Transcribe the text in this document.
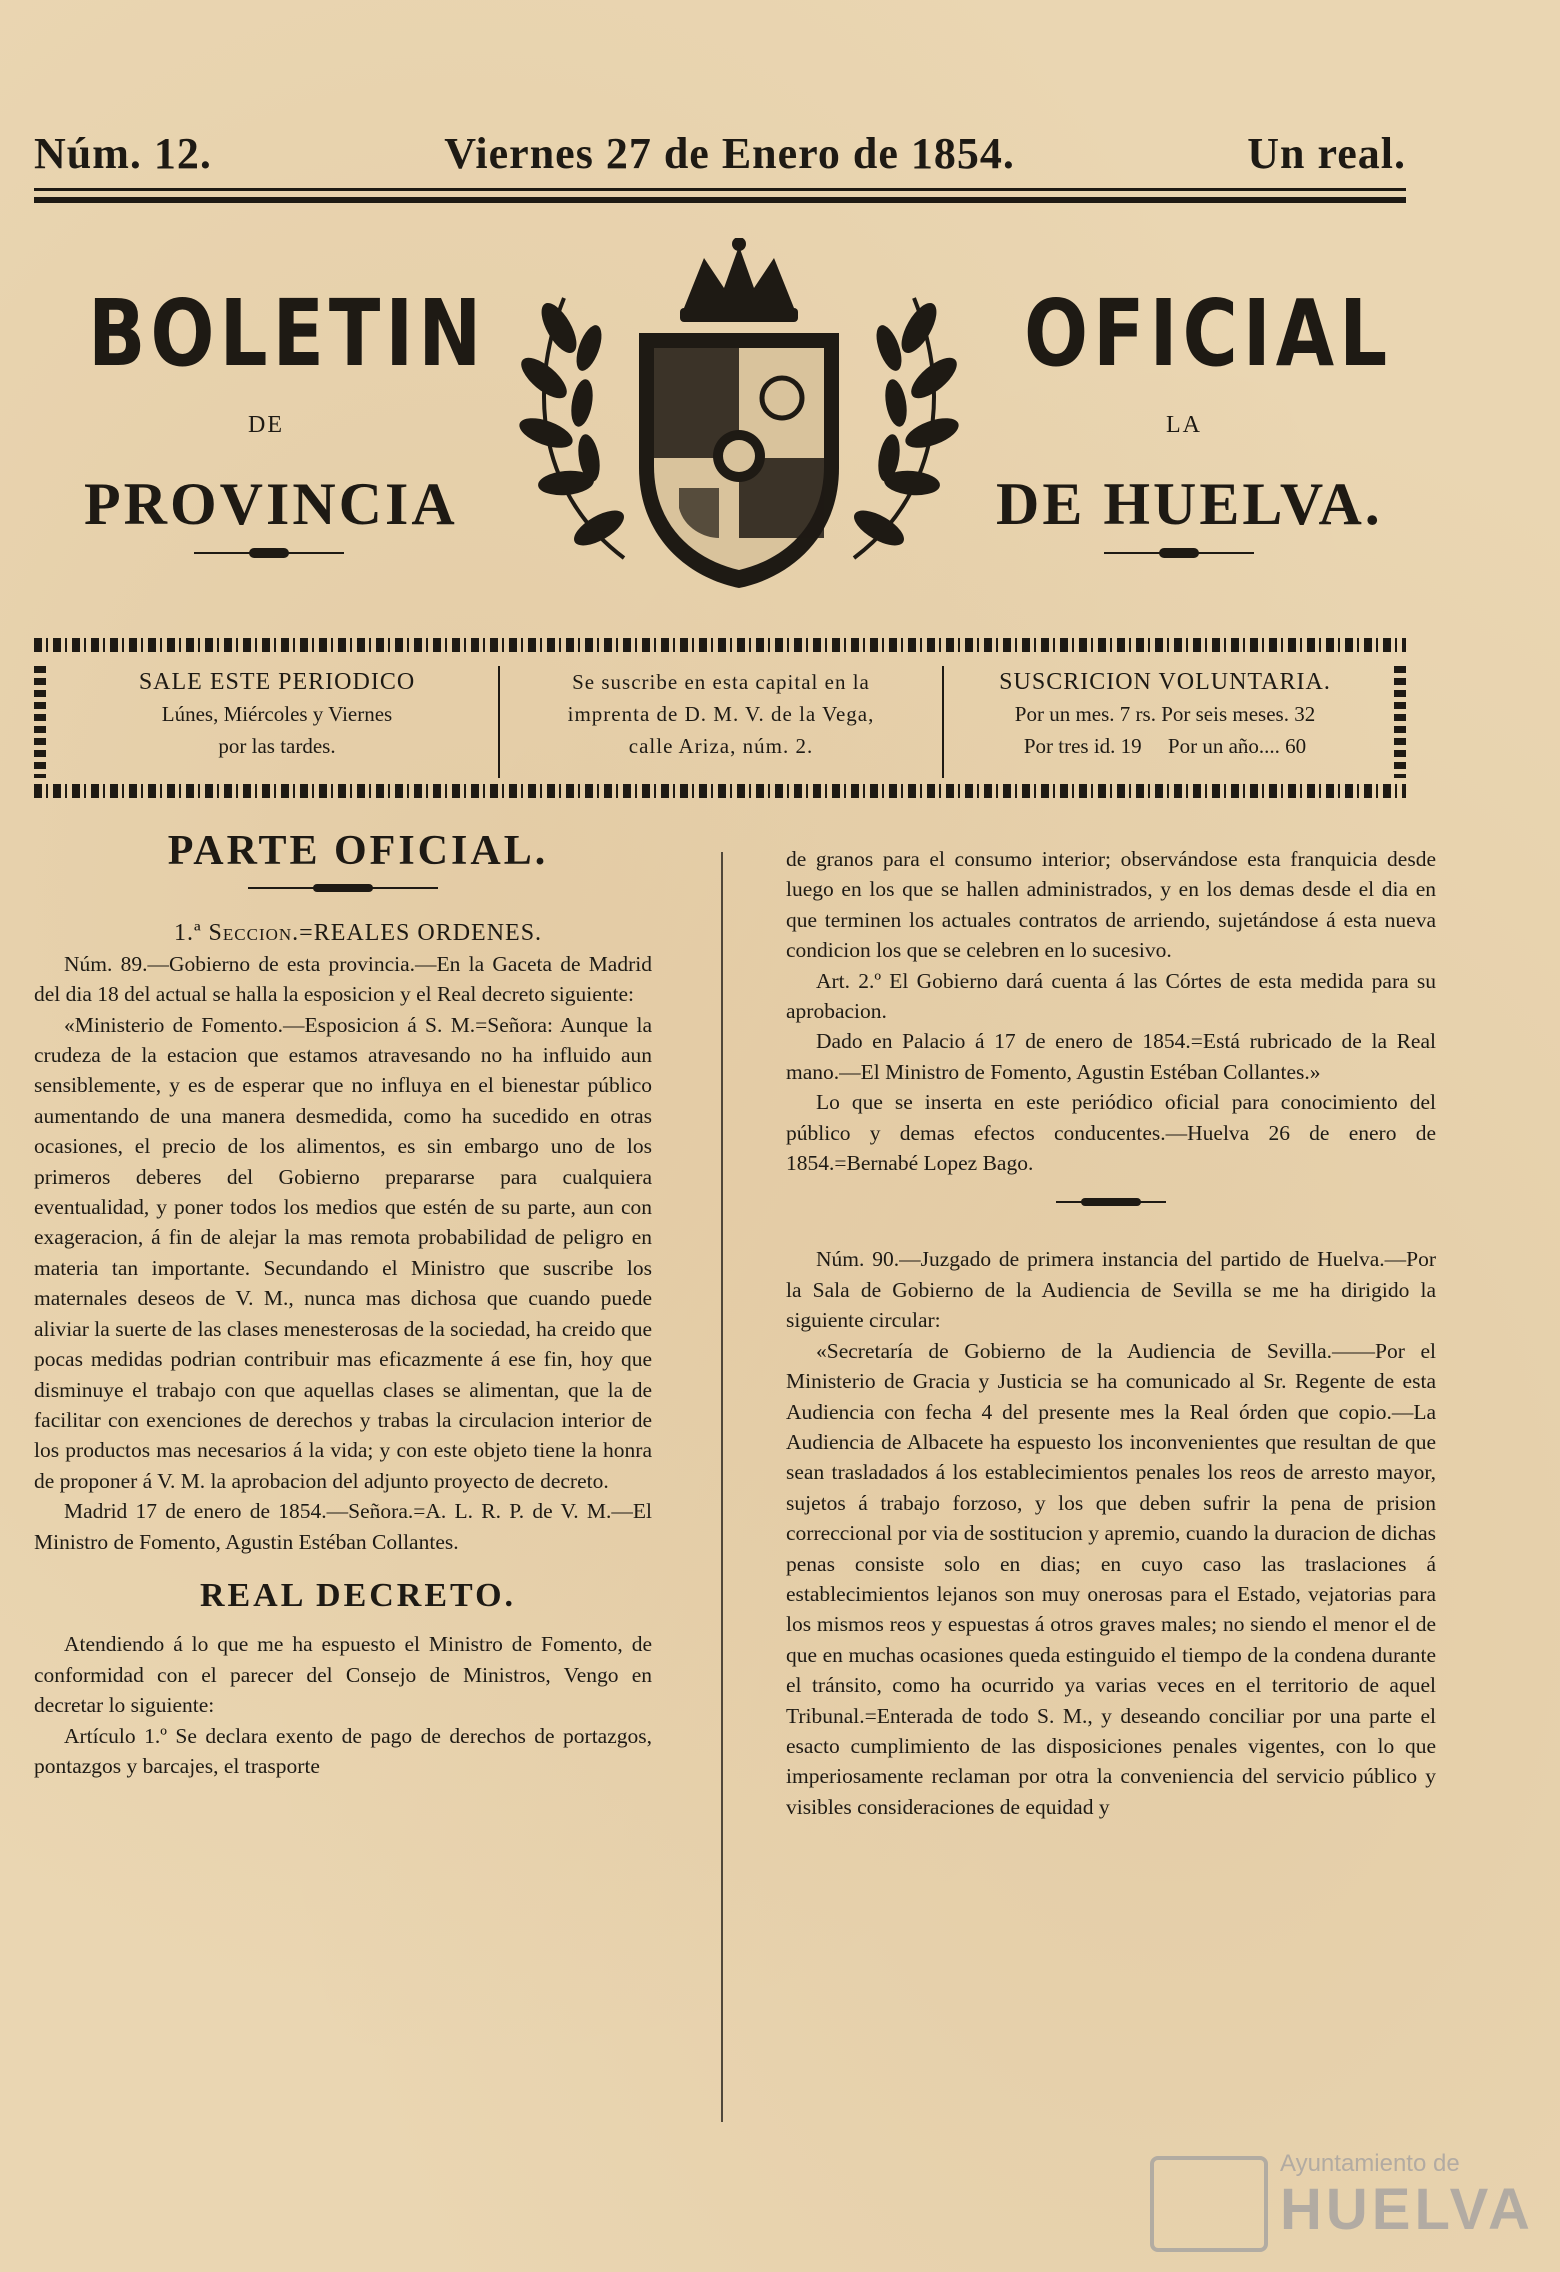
Núm. 12.	Viernes 27 de Enero de 1854.	Un real.
BOLETIN	OFICIAL
DE	LA
PROVINCIA	DE HUELVA.
SALE ESTE PERIODICO
Lúnes, Miércoles y Viernes
por las tardes.
Se suscribe en esta capital en la
imprenta de D. M. V. de la Vega,
calle Ariza, núm. 2.
SUSCRICION VOLUNTARIA.
Por un mes. 7 rs. Por seis meses. 32
Por tres id. 19     Por un año.... 60

PARTE OFICIAL.

1.ª Seccion.=REALES ORDENES.

Núm. 89.—Gobierno de esta provincia.—En la Gaceta de Madrid del dia 18 del actual se halla la esposicion y el Real decreto siguiente:

«Ministerio de Fomento.—Esposicion á S. M.=Señora: Aunque la crudeza de la estacion que estamos atravesando no ha influido aun sensiblemente, y es de esperar que no influya en el bienestar público aumentando de una manera desmedida, como ha sucedido en otras ocasiones, el precio de los alimentos, es sin embargo uno de los primeros deberes del Gobierno prepararse para cualquiera eventualidad, y poner todos los medios que estén de su parte, aun con exageracion, á fin de alejar la mas remota probabilidad de peligro en materia tan importante. Secundando el Ministro que suscribe los maternales deseos de V. M., nunca mas dichosa que cuando puede aliviar la suerte de las clases menesterosas de la sociedad, ha creido que pocas medidas podrian contribuir mas eficazmente á ese fin, hoy que disminuye el trabajo con que aquellas clases se alimentan, que la de facilitar con exenciones de derechos y trabas la circulacion interior de los productos mas necesarios á la vida; y con este objeto tiene la honra de proponer á V. M. la aprobacion del adjunto proyecto de decreto.

Madrid 17 de enero de 1854.—Señora.=A. L. R. P. de V. M.—El Ministro de Fomento, Agustin Estéban Collantes.

REAL DECRETO.

Atendiendo á lo que me ha espuesto el Ministro de Fomento, de conformidad con el parecer del Consejo de Ministros, Vengo en decretar lo siguiente:

Artículo 1.º Se declara exento de pago de derechos de portazgos, pontazgos y barcajes, el trasporte

de granos para el consumo interior; observándose esta franquicia desde luego en los que se hallen administrados, y en los demas desde el dia en que terminen los actuales contratos de arriendo, sujetándose á esta nueva condicion los que se celebren en lo sucesivo.

Art. 2.º El Gobierno dará cuenta á las Córtes de esta medida para su aprobacion.

Dado en Palacio á 17 de enero de 1854.=Está rubricado de la Real mano.—El Ministro de Fomento, Agustin Estéban Collantes.»

Lo que se inserta en este periódico oficial para conocimiento del público y demas efectos conducentes.—Huelva 26 de enero de 1854.=Bernabé Lopez Bago.

Núm. 90.—Juzgado de primera instancia del partido de Huelva.—Por la Sala de Gobierno de la Audiencia de Sevilla se me ha dirigido la siguiente circular:

«Secretaría de Gobierno de la Audiencia de Sevilla.——Por el Ministerio de Gracia y Justicia se ha comunicado al Sr. Regente de esta Audiencia con fecha 4 del presente mes la Real órden que copio.—La Audiencia de Albacete ha espuesto los inconvenientes que resultan de que sean trasladados á los establecimientos penales los reos de arresto mayor, sujetos á trabajo forzoso, y los que deben sufrir la pena de prision correccional por via de sostitucion y apremio, cuando la duracion de dichas penas consiste solo en dias; en cuyo caso las traslaciones á establecimientos lejanos son muy onerosas para el Estado, vejatorias para los mismos reos y espuestas á otros graves males; no siendo el menor el de que en muchas ocasiones queda estinguido el tiempo de la condena durante el tránsito, como ha ocurrido ya varias veces en el territorio de aquel Tribunal.=Enterada de todo S. M., y deseando conciliar por una parte el esacto cumplimiento de las disposiciones penales vigentes, con lo que imperiosamente reclaman por otra la conveniencia del servicio público y visibles consideraciones de equidad y

Ayuntamiento de
HUELVA
